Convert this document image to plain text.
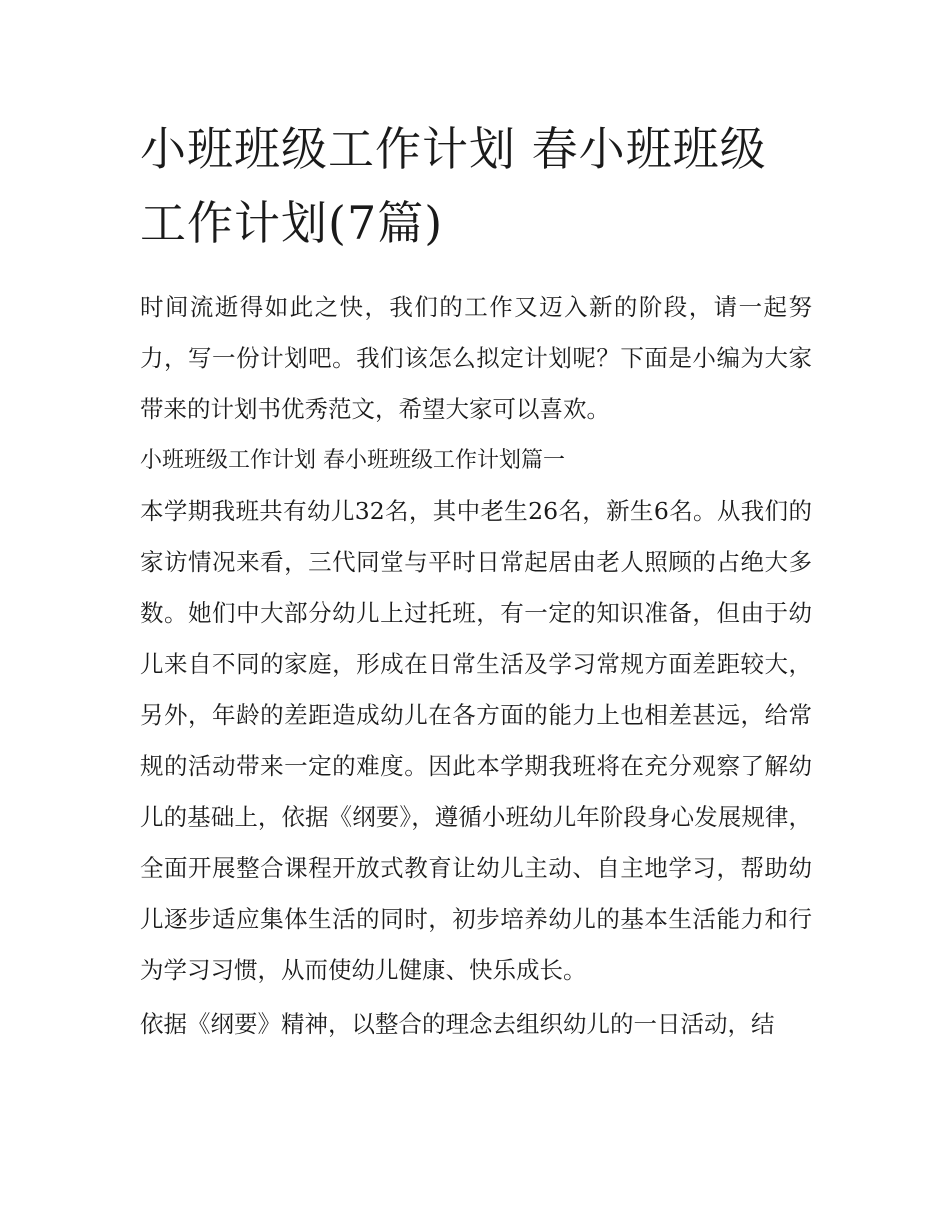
小班班级工作计划 春小班班级工作计划(7篇)

时间流逝得如此之快，我们的工作又迈入新的阶段，请一起努力，写一份计划吧。我们该怎么拟定计划呢？下面是小编为大家带来的计划书优秀范文，希望大家可以喜欢。

小班班级工作计划 春小班班级工作计划篇一

本学期我班共有幼儿32名，其中老生26名，新生6名。从我们的家访情况来看，三代同堂与平时日常起居由老人照顾的占绝大多数。她们中大部分幼儿上过托班，有一定的知识准备，但由于幼儿来自不同的家庭，形成在日常生活及学习常规方面差距较大，另外，年龄的差距造成幼儿在各方面的能力上也相差甚远，给常规的活动带来一定的难度。因此本学期我班将在充分观察了解幼儿的基础上，依据《纲要》，遵循小班幼儿年阶段身心发展规律，全面开展整合课程开放式教育让幼儿主动、自主地学习，帮助幼儿逐步适应集体生活的同时，初步培养幼儿的基本生活能力和行为学习习惯，从而使幼儿健康、快乐成长。

依据《纲要》精神，以整合的理念去组织幼儿的一日活动，结
